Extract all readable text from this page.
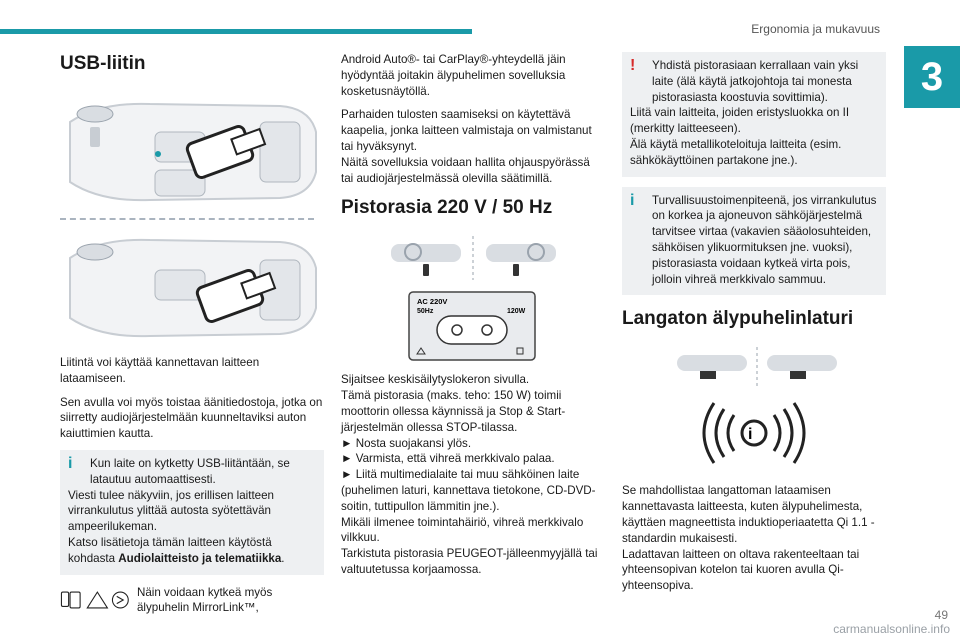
Ergonomia ja mukavuus
3
USB-liitin

Liitintä voi käyttää kannettavan laitteen lataamiseen.

Sen avulla voi myös toistaa äänitiedostoja, jotka on siirretty audiojärjestelmään kuunneltaviksi auton kaiuttimien kautta.

i	Kun laite on kytketty USB-liitäntään, se latautuu automaattisesti.

Viesti tulee näkyviin, jos erillisen laitteen virrankulutus ylittää autosta syötettävän ampeerilukeman.

Katso lisätietoja tämän laitteen käytöstä kohdasta Audiolaitteisto ja telematiikka.

Näin voidaan kytkeä myös älypuhelin MirrorLink™,

Android Auto®- tai CarPlay®-yhteydellä jäin hyödyntää joitakin älypuhelimen sovelluksia kosketusnäytöllä.

Parhaiden tulosten saamiseksi on käytettävä kaapelia, jonka laitteen valmistaja on valmistanut tai hyväksynyt.

Näitä sovelluksia voidaan hallita ohjauspyörässä tai audiojärjestelmässä olevilla säätimillä.

Pistorasia 220 V / 50 Hz
AC 220V
50Hz	120W

Sijaitsee keskisäilytyslokeron sivulla.

Tämä pistorasia (maks. teho: 150 W) toimii moottorin ollessa käynnissä ja Stop & Start-järjestelmän ollessa STOP-tilassa.

► Nosta suojakansi ylös.

► Varmista, että vihreä merkkivalo palaa.

► Liitä multimedialaite tai muu sähköinen laite (puhelimen laturi, kannettava tietokone, CD-DVD-soitin, tuttipullon lämmitin jne.).

Mikäli ilmenee toimintahäiriö, vihreä merkkivalo vilkkuu.

Tarkistuta pistorasia PEUGEOT-jälleenmyyjällä tai valtuutetussa korjaamossa.

!	Yhdistä pistorasiaan kerrallaan vain yksi laite (älä käytä jatkojohtoja tai monesta pistorasiasta koostuvia sovittimia).

Liitä vain laitteita, joiden eristysluokka on II (merkitty laitteeseen).

Älä käytä metallikoteloituja laitteita (esim. sähkökäyttöinen partakone jne.).

i	Turvallisuustoimenpiteenä, jos virrankulutus on korkea ja ajoneuvon sähköjärjestelmä tarvitsee virtaa (vakavien sääolosuhteiden, sähköisen ylikuormituksen jne. vuoksi), pistorasiasta voidaan kytkeä virta pois, jolloin vihreä merkkivalo sammuu.

Langaton älypuhelinlaturi
i

Se mahdollistaa langattoman lataamisen kannettavasta laitteesta, kuten älypuhelimesta, käyttäen magneettista induktioperiaatetta Qi 1.1 -standardin mukaisesti.

Ladattavan laitteen on oltava rakenteeltaan tai yhteensopivan kotelon tai kuoren avulla Qi-yhteensopiva.

49
carmanualsonline.info
